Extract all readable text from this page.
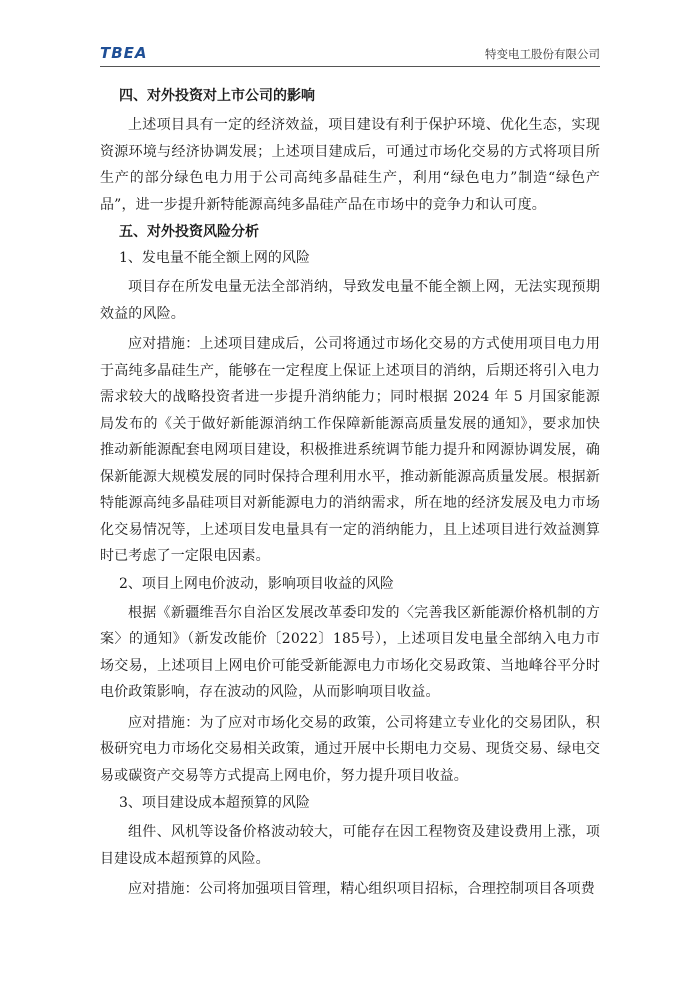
TBEA	特变电工股份有限公司
四、对外投资对上市公司的影响

上述项目具有一定的经济效益，项目建设有利于保护环境、优化生态，实现资源环境与经济协调发展；上述项目建成后，可通过市场化交易的方式将项目所生产的部分绿色电力用于公司高纯多晶硅生产，利用“绿色电力”制造“绿色产品”，进一步提升新特能源高纯多晶硅产品在市场中的竞争力和认可度。

五、对外投资风险分析
1、发电量不能全额上网的风险

项目存在所发电量无法全部消纳，导致发电量不能全额上网，无法实现预期效益的风险。

应对措施：上述项目建成后，公司将通过市场化交易的方式使用项目电力用于高纯多晶硅生产，能够在一定程度上保证上述项目的消纳，后期还将引入电力需求较大的战略投资者进一步提升消纳能力；同时根据 2024 年 5 月国家能源局发布的《关于做好新能源消纳工作保障新能源高质量发展的通知》，要求加快推动新能源配套电网项目建设，积极推进系统调节能力提升和网源协调发展，确保新能源大规模发展的同时保持合理利用水平，推动新能源高质量发展。根据新特能源高纯多晶硅项目对新能源电力的消纳需求，所在地的经济发展及电力市场化交易情况等，上述项目发电量具有一定的消纳能力，且上述项目进行效益测算时已考虑了一定限电因素。

2、项目上网电价波动，影响项目收益的风险

根据《新疆维吾尔自治区发展改革委印发的〈完善我区新能源价格机制的方案〉的通知》（新发改能价〔2022〕185号），上述项目发电量全部纳入电力市场交易，上述项目上网电价可能受新能源电力市场化交易政策、当地峰谷平分时电价政策影响，存在波动的风险，从而影响项目收益。

应对措施：为了应对市场化交易的政策，公司将建立专业化的交易团队，积极研究电力市场化交易相关政策，通过开展中长期电力交易、现货交易、绿电交易或碳资产交易等方式提高上网电价，努力提升项目收益。

3、项目建设成本超预算的风险

组件、风机等设备价格波动较大，可能存在因工程物资及建设费用上涨，项目建设成本超预算的风险。

应对措施：公司将加强项目管理，精心组织项目招标，合理控制项目各项费
